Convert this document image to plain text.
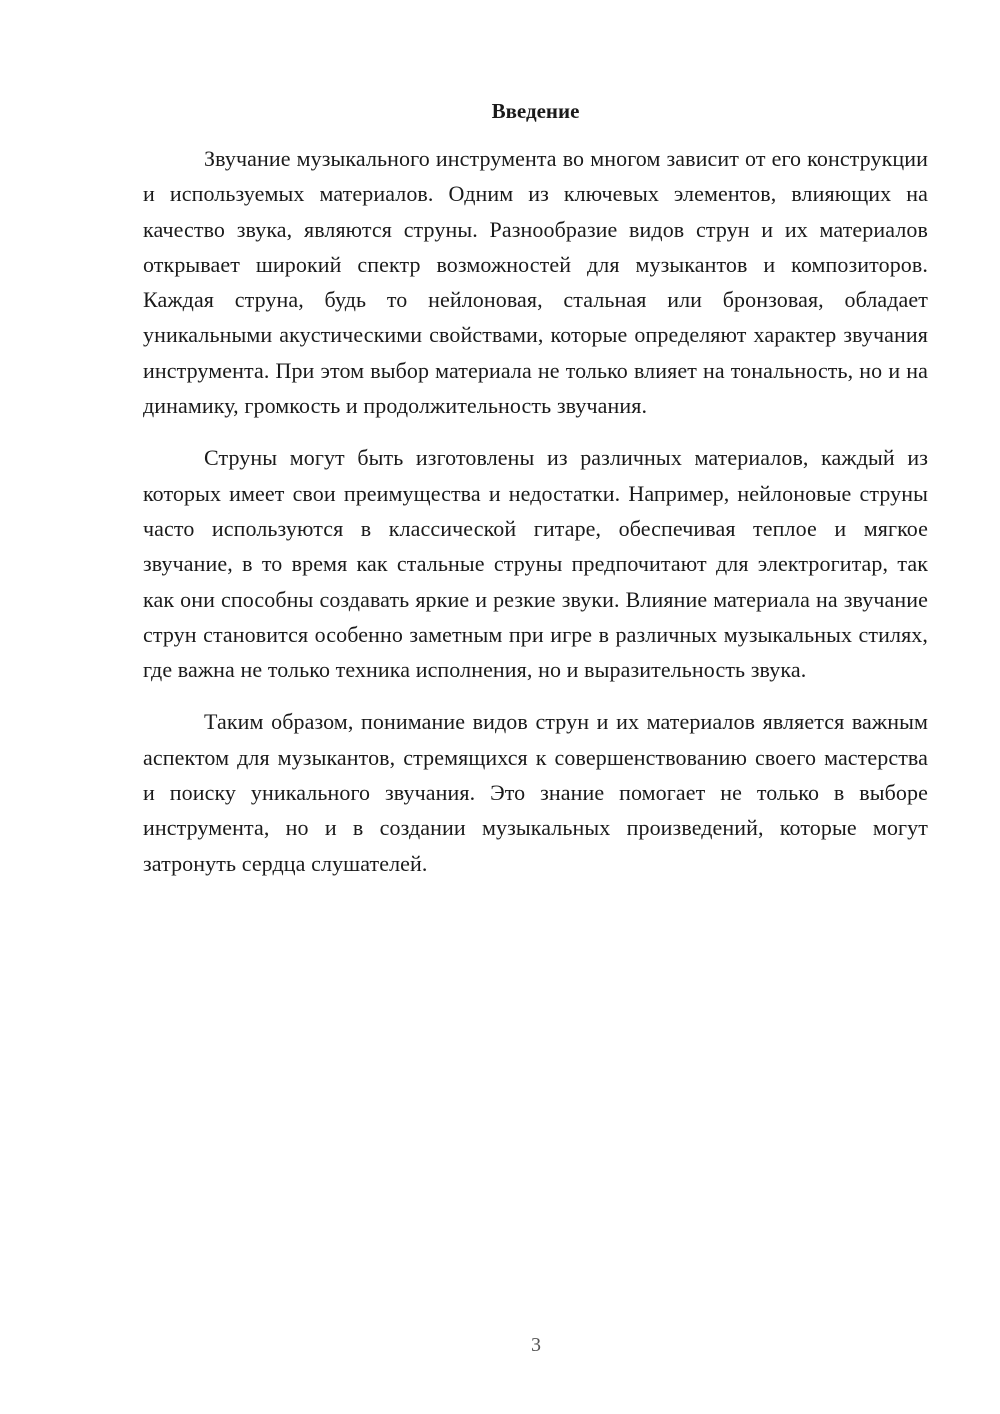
Введение

Звучание музыкального инструмента во многом зависит от его конструкции и используемых материалов. Одним из ключевых элементов, влияющих на качество звука, являются струны. Разнообразие видов струн и их материалов открывает широкий спектр возможностей для музыкантов и композиторов. Каждая струна, будь то нейлоновая, стальная или бронзовая, обладает уникальными акустическими свойствами, которые определяют характер звучания инструмента. При этом выбор материала не только влияет на тональность, но и на динамику, громкость и продолжительность звучания.

Струны могут быть изготовлены из различных материалов, каждый из которых имеет свои преимущества и недостатки. Например, нейлоновые струны часто используются в классической гитаре, обеспечивая теплое и мягкое звучание, в то время как стальные струны предпочитают для электрогитар, так как они способны создавать яркие и резкие звуки. Влияние материала на звучание струн становится особенно заметным при игре в различных музыкальных стилях, где важна не только техника исполнения, но и выразительность звука.

Таким образом, понимание видов струн и их материалов является важным аспектом для музыкантов, стремящихся к совершенствованию своего мастерства и поиску уникального звучания. Это знание помогает не только в выборе инструмента, но и в создании музыкальных произведений, которые могут затронуть сердца слушателей.

3
